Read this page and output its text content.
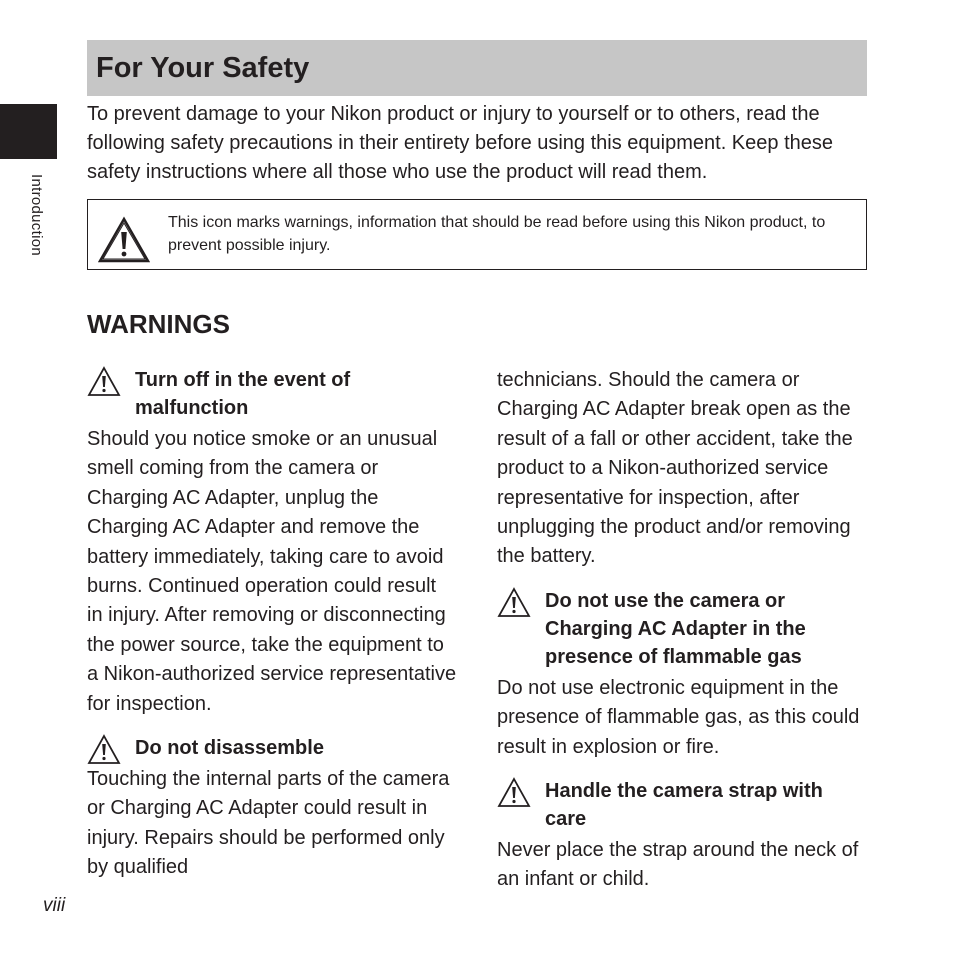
Introduction
For Your Safety

To prevent damage to your Nikon product or injury to yourself or to others, read the following safety precautions in their entirety before using this equipment. Keep these safety instructions where all those who use the product will read them.

This icon marks warnings, information that should be read before using this Nikon product, to prevent possible injury.

WARNINGS
Turn off in the event of malfunction

Should you notice smoke or an unusual smell coming from the camera or Charging AC Adapter, unplug the Charging AC Adapter and remove the battery immediately, taking care to avoid burns. Continued operation could result in injury. After removing or disconnecting the power source, take the equipment to a Nikon-authorized service representative for inspection.

Do not disassemble

Touching the internal parts of the camera or Charging AC Adapter could result in injury. Repairs should be performed only by qualified

technicians. Should the camera or Charging AC Adapter break open as the result of a fall or other accident, take the product to a Nikon-authorized service representative for inspection, after unplugging the product and/or removing the battery.

Do not use the camera or Charging AC Adapter in the presence of flammable gas

Do not use electronic equipment in the presence of flammable gas, as this could result in explosion or fire.

Handle the camera strap with care

Never place the strap around the neck of an infant or child.

viii
